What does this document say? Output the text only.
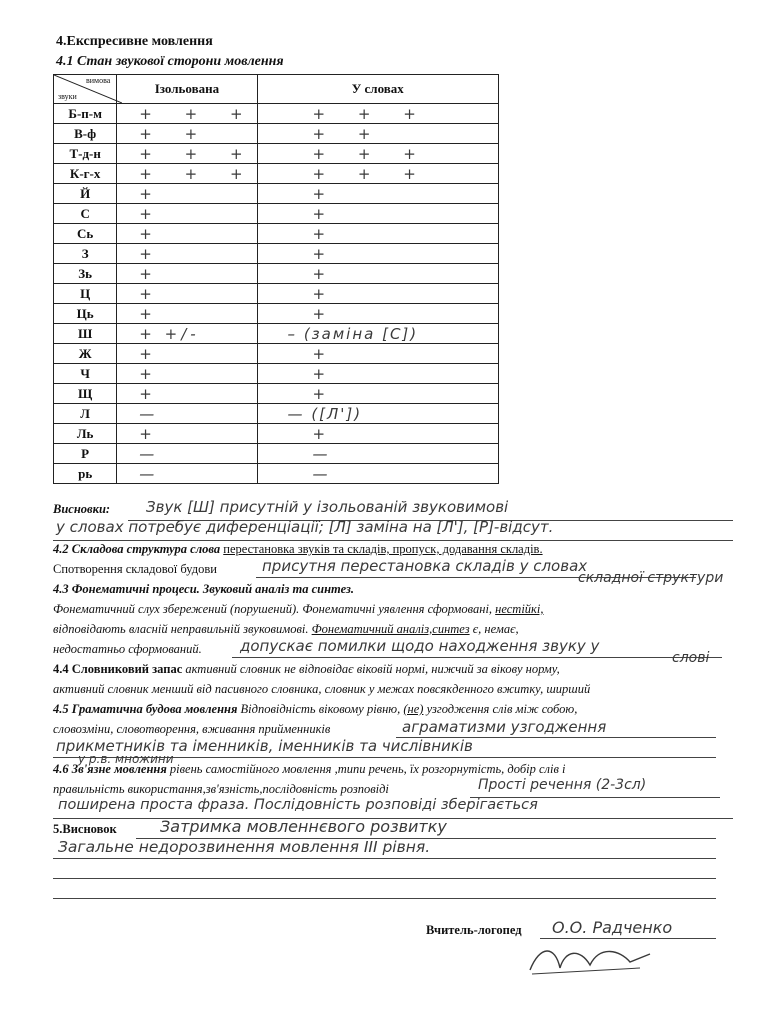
4.Експресивне мовлення
4.1 Стан звукової сторони мовлення
вимова
звуки	Ізольована	У словах
Б-п-м	+ + +	+ + +

В-ф	+ +	+ +

Т-д-н	+ + +	+ + +

К-г-х	+ + +	+ + +

Й	+	+

С	+	+

Сь	+	+

З	+	+

Зь	+	+

Ц	+	+

Ць	+	+

Ш	+ +/-	– (заміна [С])

Ж	+	+

Ч	+	+

Щ	+	+

Л	—	— ([Л'])

Ль	+	+

Р	—	—

рь	—	—
Висновки: Звук [Ш] присутній у ізольованій звуковимові
у словах потребує диференціації; [Л] заміна на [Л'], [Р]-відсут.
4.2 Складова структура слова перестановка звуків та складів, пропуск, додавання складів.
Спотворення складової будови	присутня перестановка складів у словах
складної структури
4.3 Фонематичні процеси. Звуковий аналіз та синтез.
Фонематичний слух збережений (порушений). Фонематичні уявлення сформовані, нестійкі,
відповідають власній неправильній звуковимові. Фонематичний аналіз,синтез є, немає,
недостатньо сформований.	допускає помилки щодо находження звуку у
слові
4.4 Словниковий запас активний словник не відповідає віковій нормі, нижчий за вікову норму,
активний словник менший від пасивного словника, словник у межах повсякденного вжитку, ширший
4.5 Граматична будова мовлення Відповідність віковому рівню, (не) узгодження слів між собою,
словозміни, словотворення, вживання прийменників	аграматизми узгодження
прикметників та іменників, іменників та числівників
у р.в. множини
4.6 Зв'язне мовлення рівень самостійного мовлення ,типи речень, їх розгорнутість, добір слів і
правильність використання,зв'язність,послідовність розповіді	Прості речення (2-3сл)
поширена проста фраза. Послідовність розповіді зберігається
5.Висновок	Затримка мовленнєвого розвитку
Загальне недорозвинення мовлення ІІІ рівня.
Вчитель-логопед О.О. Радченко
